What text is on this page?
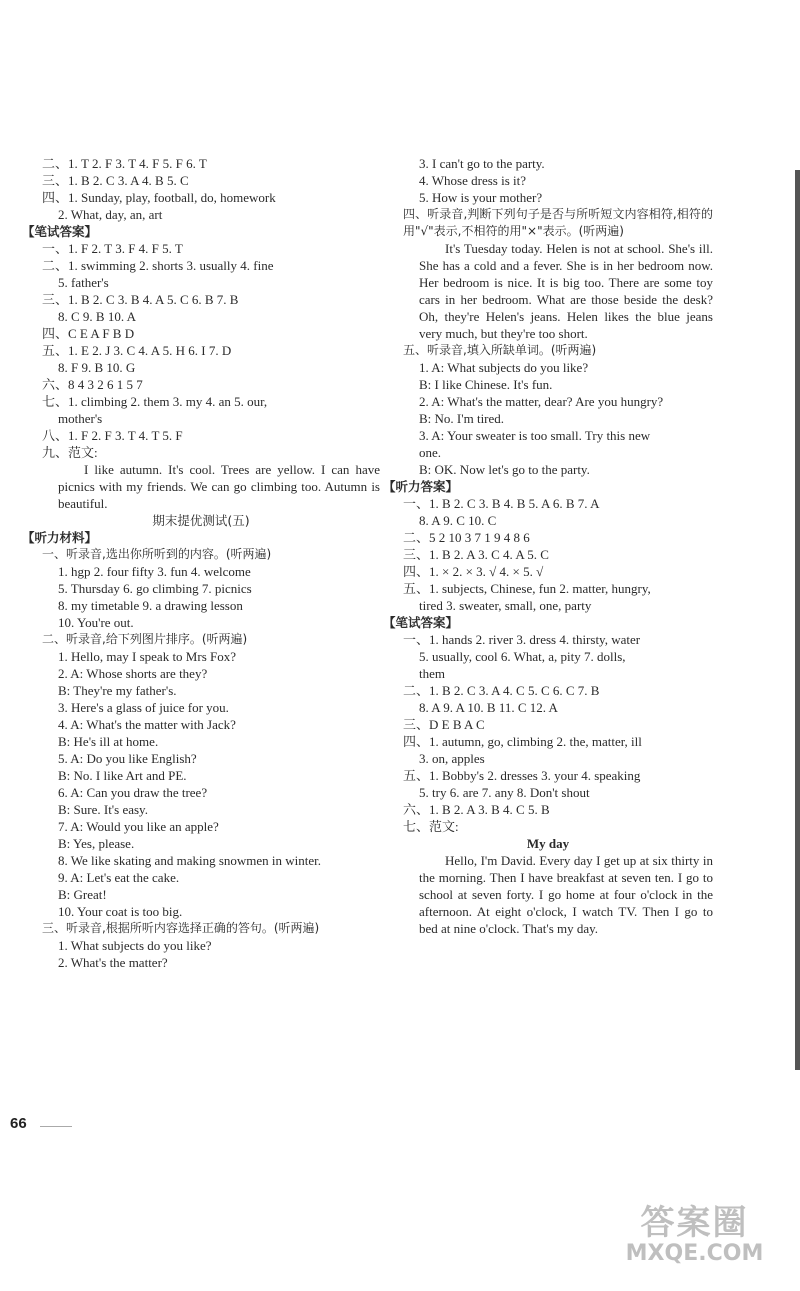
二、1. T 2. F 3. T 4. F 5. F 6. T
三、1. B 2. C 3. A 4. B 5. C
四、1. Sunday, play, football, do, homework
2. What, day, an, art
【笔试答案】
一、1. F 2. T 3. F 4. F 5. T
二、1. swimming 2. shorts 3. usually 4. fine
5. father's
三、1. B 2. C 3. B 4. A 5. C 6. B 7. B
8. C 9. B 10. A
四、C E A F B D
五、1. E 2. J 3. C 4. A 5. H 6. I 7. D
8. F 9. B 10. G
六、8 4 3 2 6 1 5 7
七、1. climbing 2. them 3. my 4. an 5. our,
mother's
八、1. F 2. F 3. T 4. T 5. F
九、范文:
I like autumn. It's cool. Trees are yellow. I can have picnics with my friends. We can go climbing too. Autumn is beautiful.
期末提优测试(五)
【听力材料】
一、听录音,选出你所听到的内容。(听两遍)
1. hgp 2. four fifty 3. fun 4. welcome
5. Thursday 6. go climbing 7. picnics
8. my timetable 9. a drawing lesson
10. You're out.
二、听录音,给下列图片排序。(听两遍)
1. Hello, may I speak to Mrs Fox?
2. A: Whose shorts are they?
B: They're my father's.
3. Here's a glass of juice for you.
4. A: What's the matter with Jack?
B: He's ill at home.
5. A: Do you like English?
B: No. I like Art and PE.
6. A: Can you draw the tree?
B: Sure. It's easy.
7. A: Would you like an apple?
B: Yes, please.
8. We like skating and making snowmen in winter.
9. A: Let's eat the cake.
B: Great!
10. Your coat is too big.
三、听录音,根据所听内容选择正确的答句。(听两遍)
1. What subjects do you like?
2. What's the matter?
3. I can't go to the party.
4. Whose dress is it?
5. How is your mother?
四、听录音,判断下列句子是否与所听短文内容相符,相符的用"√"表示,不相符的用"×"表示。(听两遍)
It's Tuesday today. Helen is not at school. She's ill. She has a cold and a fever. She is in her bedroom now. Her bedroom is nice. It is big too. There are some toy cars in her bedroom. What are those beside the desk? Oh, they're Helen's jeans. Helen likes the blue jeans very much, but they're too short.
五、听录音,填入所缺单词。(听两遍)
1. A: What subjects do you like?
B: I like Chinese. It's fun.
2. A: What's the matter, dear? Are you hungry?
B: No. I'm tired.
3. A: Your sweater is too small. Try this new
one.
B: OK. Now let's go to the party.
【听力答案】
一、1. B 2. C 3. B 4. B 5. A 6. B 7. A
8. A 9. C 10. C
二、5 2 10 3 7 1 9 4 8 6
三、1. B 2. A 3. C 4. A 5. C
四、1. × 2. × 3. √ 4. × 5. √
五、1. subjects, Chinese, fun 2. matter, hungry,
tired 3. sweater, small, one, party
【笔试答案】
一、1. hands 2. river 3. dress 4. thirsty, water
5. usually, cool 6. What, a, pity 7. dolls,
them
二、1. B 2. C 3. A 4. C 5. C 6. C 7. B
8. A 9. A 10. B 11. C 12. A
三、D E B A C
四、1. autumn, go, climbing 2. the, matter, ill
3. on, apples
五、1. Bobby's 2. dresses 3. your 4. speaking
5. try 6. are 7. any 8. Don't shout
六、1. B 2. A 3. B 4. C 5. B
七、范文:
My day
Hello, I'm David. Every day I get up at six thirty in the morning. Then I have breakfast at seven ten. I go to school at seven forty. I go home at four o'clock in the afternoon. At eight o'clock, I watch TV. Then I go to bed at nine o'clock. That's my day.
66
答案圈
MXQE.COM
